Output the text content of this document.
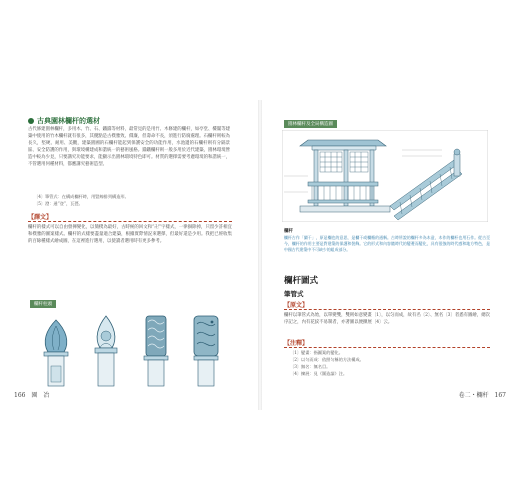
古典園林欄杆的選材
古代修建園林欄杆，多用木、竹、石、鐵鑄等材料，最常見的是用竹、木修建的欄杆，如亭堂、樓閣等建築中使用的竹木欄杆就有很多，其優點是古樸雅致、價廉，但壽命不長，須進行防腐處理。石欄杆則較為長久，堅硬、耐用、美觀，建築園圃的石欄杆能起到保護安全的功能作用，水池邊的石欄杆則有分隔景區、安全防護的作用，與環境構建成和諧統一的藝術風格。鑄鐵欄杆則一般多用於近代建築，園林環境營造中較為少見，只要講究功能要求，能顯示出園林環境特色即可。材質的選擇需要考慮環境的和諧統一，不管選用何種材料，都應講究藝術造型。
〔4〕筆管式：在構成欄杆時，用豎線排列構造形。
〔5〕澄：通“登”，瓦甍。
【譯文】
欄杆的樣式可以自由發揮變化，以簡樸為最好，古時候的回文和“卍”字樣式，一律摒除掉，只留少許相宜和樸雅的圖案樣式。欄杆的式樣要盡量適合建築，根據實際情況來選擇，但最好還是少用。我把已經收集的百餘種樣式繪成圖，在這裡進行選用，以使讀者選用時有更多參考。
欄杆柱頭
166 園　冶
園林欄杆及全局構造圖
欄杆
欄杆古作「闌干」，原是欄也的意思，是欄干或欄楯的通稱。古時所說的欄杆多為木造，木作的欄杆也用石作。從古至今，欄杆的作用主要是對建築的保護和裝飾。它的形式和內容隨時代的變遷而變化，具有很強的時代感和地方特色，是中國古代建築中不可缺少的組成部分。
欄杆圖式
筆管式
【原文】
欄杆以筆管式為始，以單變雙，雙則如意變畫〔1〕，以匀而成，故有名〔2〕、無名〔3〕者悉有圖繪，總次序記之，內有花紋不易制者，亦著圖以便擴展〔4〕云。
【注釋】
〔1〕變畫：指圖案的變化。
〔2〕以匀而成：依照匀稱的方法構成。
〔3〕無名：無名目。
〔4〕擴展：見《圍造論》注。
卷二・欄杆 167
